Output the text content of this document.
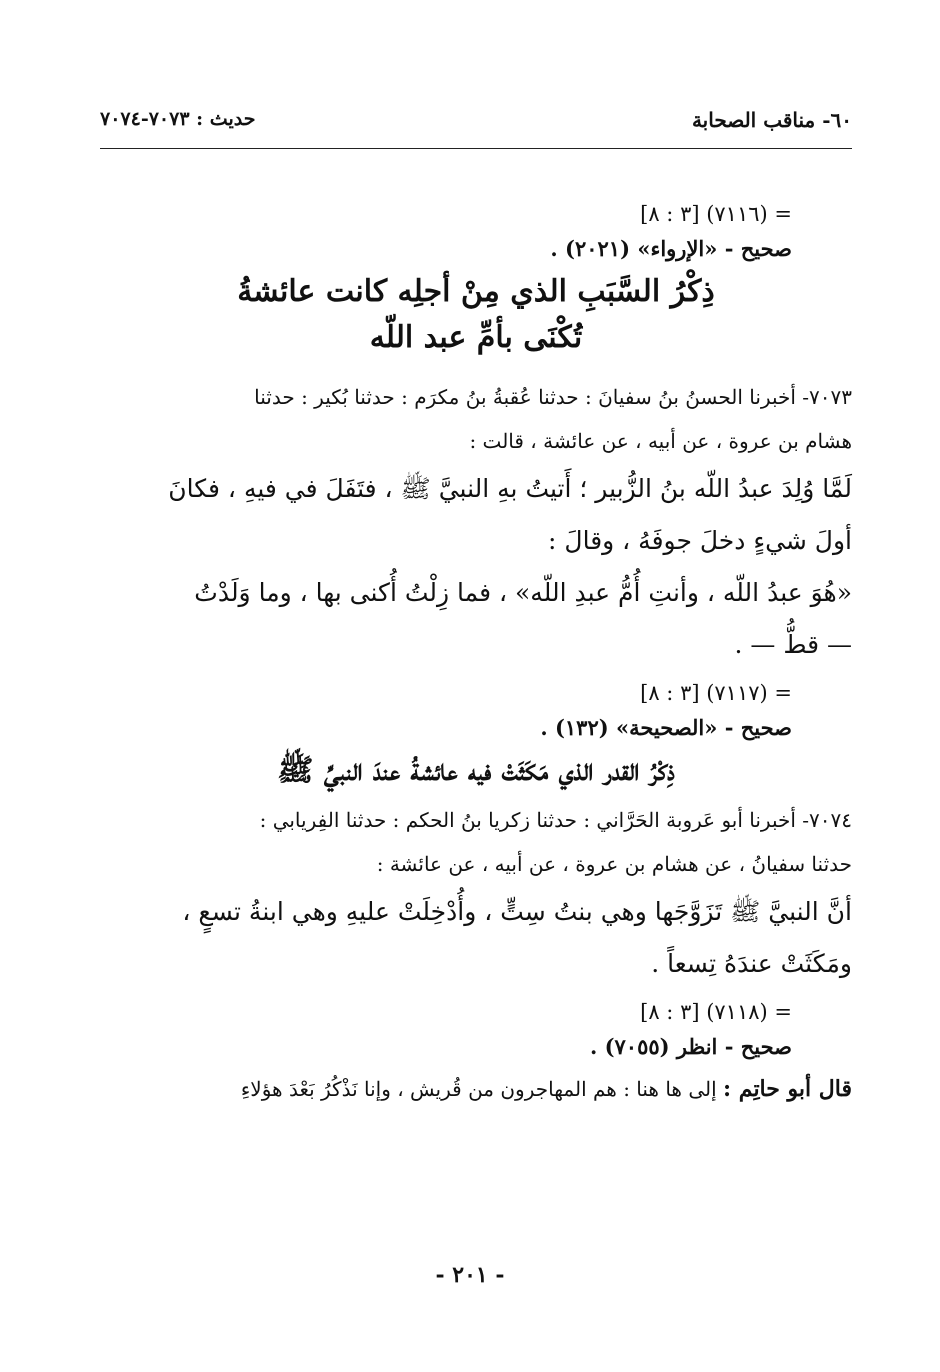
٦٠- مناقب الصحابة
حديث : ٧٠٧٣-٧٠٧٤

= (٧١١٦) [٣ : ٨]

صحيح - «الإرواء» (٢٠٢١) .

ذِكْرُ السَّبَبِ الذي مِنْ أجلِه كانت عائشةُ

تُكْنَى بأمِّ عبد اللّه

٧٠٧٣- أخبرنا الحسنُ بنُ سفيانَ : حدثنا عُقبةُ بنُ مكرَم : حدثنا بُكير : حدثنا

هشام بن عروة ، عن أبيه ، عن عائشة ، قالت :

لَمَّا وُلِدَ عبدُ اللّه بنُ الزُّبير ؛ أَتيتُ بهِ النبيَّ ﷺ ، فتَفَلَ في فيهِ ، فكانَ

أولَ شيءٍ دخلَ جوفَهُ ، وقالَ :

«هُوَ عبدُ اللّه ، وأنتِ أُمُّ عبدِ اللّه» ، فما زِلْتُ أُكنى بها ، وما وَلَدْتُ

— قطُّ — .

= (٧١١٧) [٣ : ٨]

صحيح - «الصحيحة» (١٣٢) .

ذِكْرُ القدر الذي مَكَثَتْ فيه عائشةُ عندَ النبيِّ ﷺ

٧٠٧٤- أخبرنا أبو عَروبة الحَرَّاني : حدثنا زكريا بنُ الحكم : حدثنا الفِريابي :

حدثنا سفيانُ ، عن هشام بن عروة ، عن أبيه ، عن عائشة :

أنَّ النبيَّ ﷺ تَزَوَّجَها وهي بنتُ سِتٍّ ، وأُدْخِلَتْ عليهِ وهي ابنةُ تسعٍ ،

ومَكَثَتْ عندَهُ تِسعاً .

= (٧١١٨) [٣ : ٨]

صحيح - انظر (٧٠٥٥) .

قال أبو حاتِم : إلى ها هنا : هم المهاجرون من قُريش ، وإنا نَذْكُرُ بَعْدَ هؤلاءِ

- ٢٠١ -
